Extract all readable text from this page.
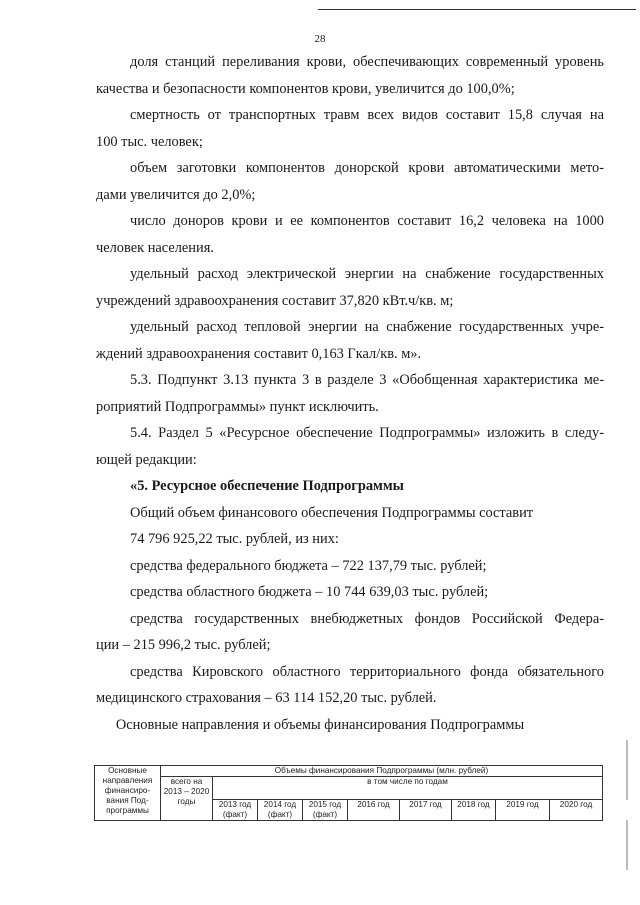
28
доля станций переливания крови, обеспечивающих современный уровень
качества и безопасности компонентов крови, увеличится до 100,0%;
смертность от транспортных травм всех видов составит 15,8 случая на
100 тыс. человек;
объем заготовки компонентов донорской крови автоматическими мето-
дами увеличится до 2,0%;
число доноров крови и ее компонентов составит 16,2 человека на 1000
человек населения.
удельный расход электрической энергии на снабжение государственных
учреждений здравоохранения составит 37,820 кВт.ч/кв. м;
удельный расход тепловой энергии на снабжение государственных учре-
ждений здравоохранения составит 0,163 Гкал/кв. м».
5.3. Подпункт 3.13 пункта 3 в разделе 3 «Обобщенная характеристика ме-
роприятий Подпрограммы» пункт исключить.
5.4. Раздел 5 «Ресурсное обеспечение Подпрограммы» изложить в следу-
ющей редакции:
«5. Ресурсное обеспечение Подпрограммы
Общий объем финансового обеспечения Подпрограммы составит
74 796 925,22 тыс. рублей, из них:
средства федерального бюджета – 722 137,79 тыс. рублей;
средства областного бюджета – 10 744 639,03 тыс. рублей;
средства государственных внебюджетных фондов Российской Федера-
ции – 215 996,2 тыс. рублей;
средства Кировского областного территориального фонда обязательного
медицинского страхования – 63 114 152,20 тыс. рублей.
Основные направления и объемы финансирования Подпрограммы
Основные направления финансиро-вания Под-программы	Объемы финансирования Подпрограммы (млн. рублей)								
	всего на 2013 – 2020 годы	в том числе по годам							
		2013 год (факт)	2014 год (факт)	2015 год (факт)	2016 год	2017 год	2018 год	2019 год	2020 год
